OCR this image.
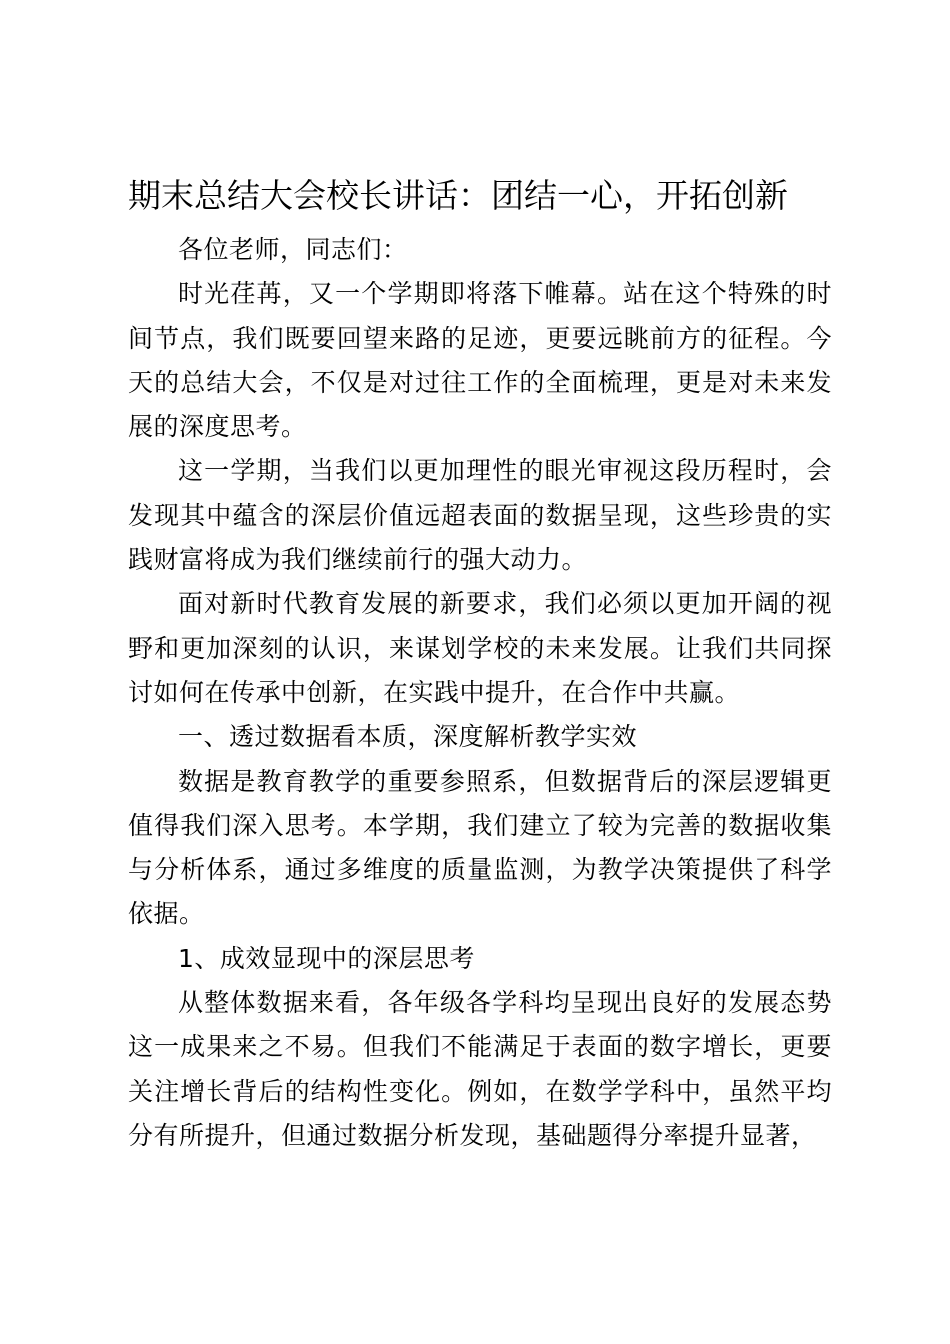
期末总结大会校长讲话：团结一心，开拓创新

各位老师，同志们：

时光荏苒，又一个学期即将落下帷幕。站在这个特殊的时间节点，我们既要回望来路的足迹，更要远眺前方的征程。今天的总结大会，不仅是对过往工作的全面梳理，更是对未来发展的深度思考。

这一学期，当我们以更加理性的眼光审视这段历程时，会发现其中蕴含的深层价值远超表面的数据呈现，这些珍贵的实践财富将成为我们继续前行的强大动力。

面对新时代教育发展的新要求，我们必须以更加开阔的视野和更加深刻的认识，来谋划学校的未来发展。让我们共同探讨如何在传承中创新，在实践中提升，在合作中共赢。

一、透过数据看本质，深度解析教学实效

数据是教育教学的重要参照系，但数据背后的深层逻辑更值得我们深入思考。本学期，我们建立了较为完善的数据收集与分析体系，通过多维度的质量监测，为教学决策提供了科学依据。

1、成效显现中的深层思考

从整体数据来看，各年级各学科均呈现出良好的发展态势这一成果来之不易。但我们不能满足于表面的数字增长，更要关注增长背后的结构性变化。例如，在数学学科中，虽然平均分有所提升，但通过数据分析发现，基础题得分率提升显著，
